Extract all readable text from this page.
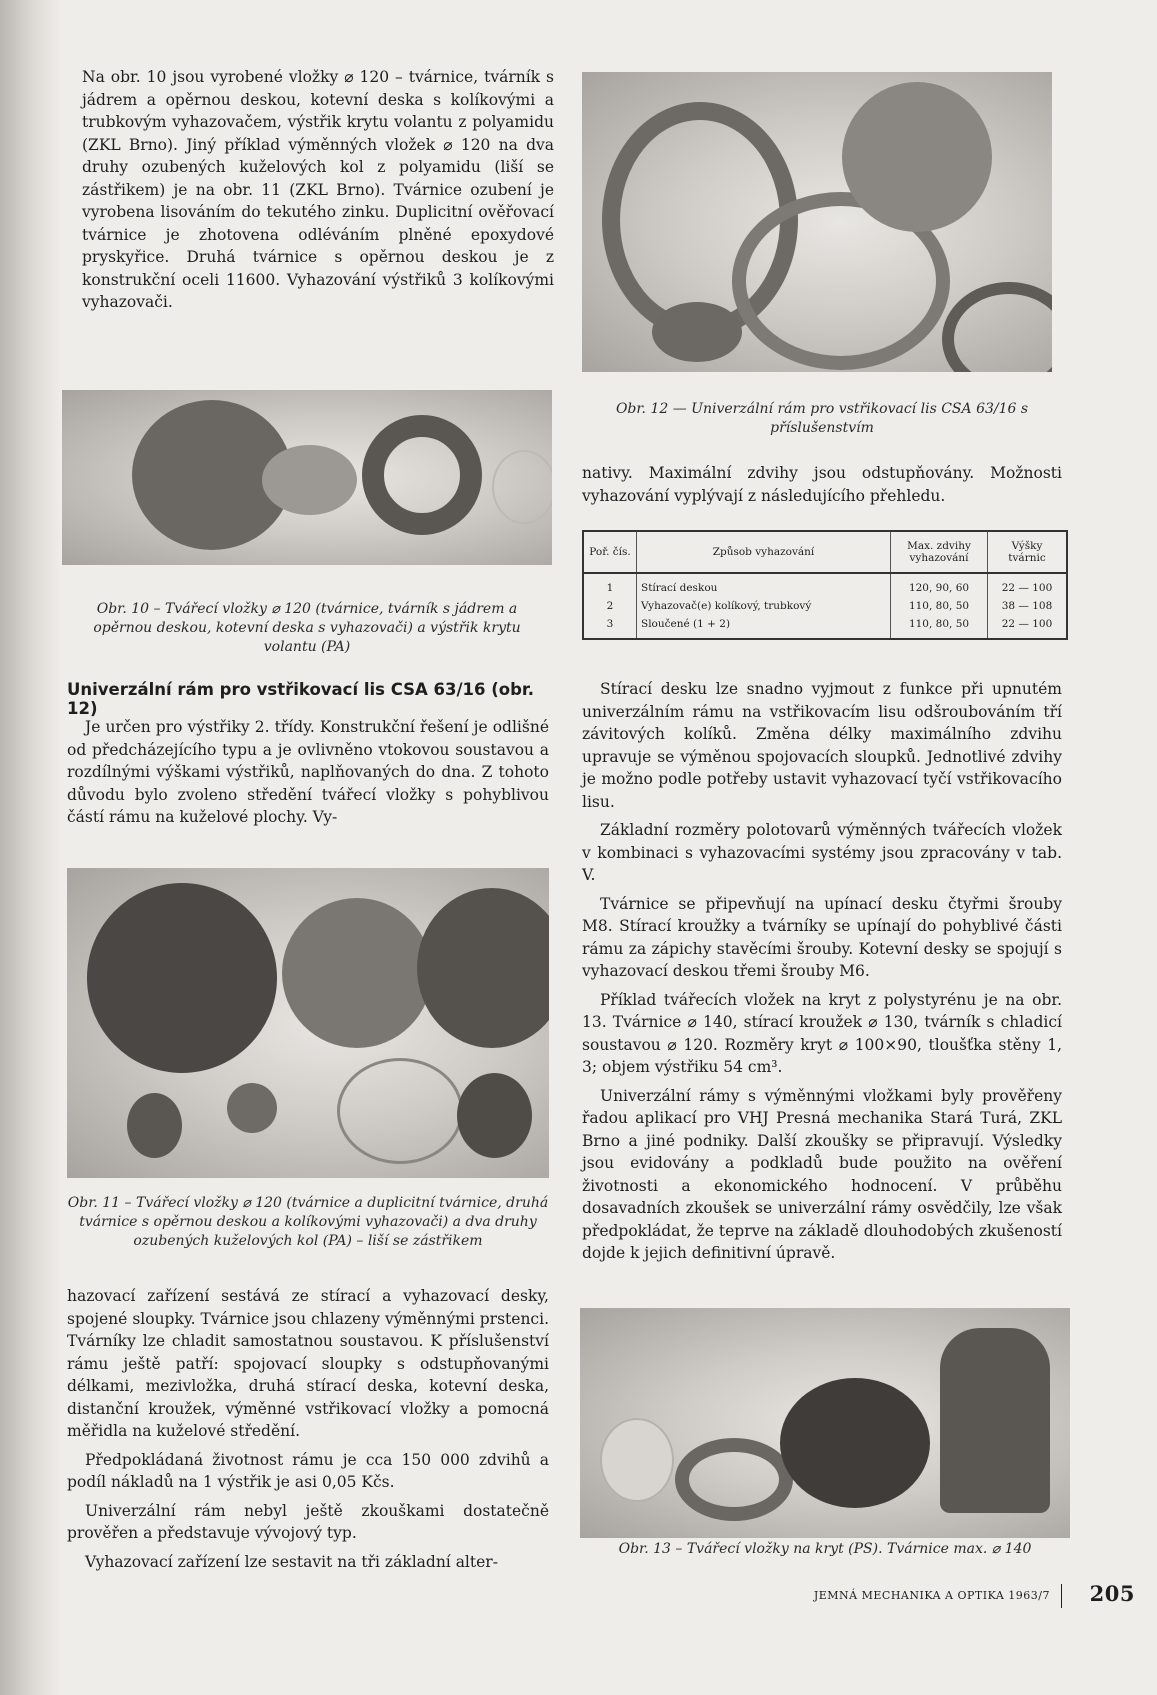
Na obr. 10 jsou vyrobené vložky ⌀ 120 – tvárnice, tvárník s jádrem a opěrnou deskou, kotevní deska s kolíkovými a trubkovým vyhazovačem, výstřik krytu volantu z polyamidu (ZKL Brno). Jiný příklad výměnných vložek ⌀ 120 na dva druhy ozubených kuželových kol z polyamidu (liší se zástřikem) je na obr. 11 (ZKL Brno). Tvárnice ozubení je vyrobena lisováním do tekutého zinku. Duplicitní ověřovací tvárnice je zhotovena odléváním plněné epoxydové pryskyřice. Druhá tvárnice s opěrnou deskou je z konstrukční oceli 11600. Vyhazování výstřiků 3 kolíkovými vyhazovači.

Obr. 12 — Univerzální rám pro vstřikovací lis CSA 63/16 s příslušenstvím
Obr. 10 – Tvářecí vložky ⌀ 120 (tvárnice, tvárník s jádrem a opěrnou deskou, kotevní deska s vyhazovači) a výstřik krytu volantu (PA)

nativy. Maximální zdvihy jsou odstupňovány. Možnosti vyhazování vyplývají z následujícího přehledu.

Poř. čís.	Způsob vyhazování	Max. zdvihy vyhazování	Výšky tvárnic
1	Stírací deskou	120, 90, 60	22 — 100
2	Vyhazovač(e) kolíkový, trubkový	110, 80, 50	38 — 108
3	Sloučené (1 + 2)	110, 80, 50	22 — 100
Univerzální rám pro vstřikovací lis CSA 63/16 (obr. 12)

Je určen pro výstřiky 2. třídy. Konstrukční řešení je odlišné od předcházejícího typu a je ovlivněno vtokovou soustavou a rozdílnými výškami výstřiků, naplňovaných do dna. Z tohoto důvodu bylo zvoleno středění tvářecí vložky s pohyblivou částí rámu na kuželové plochy. Vy-

Obr. 11 – Tvářecí vložky ⌀ 120 (tvárnice a duplicitní tvárnice, druhá tvárnice s opěrnou deskou a kolíkovými vyhazovači) a dva druhy ozubených kuželových kol (PA) – liší se zástřikem

hazovací zařízení sestává ze stírací a vyhazovací desky, spojené sloupky. Tvárnice jsou chlazeny výměnnými prstenci. Tvárníky lze chladit samostatnou soustavou. K příslušenství rámu ještě patří: spojovací sloupky s odstupňovanými délkami, mezivložka, druhá stírací deska, kotevní deska, distanční kroužek, výměnné vstřikovací vložky a pomocná měřidla na kuželové středění.

Předpokládaná životnost rámu je cca 150 000 zdvihů a podíl nákladů na 1 výstřik je asi 0,05 Kčs.

Univerzální rám nebyl ještě zkouškami dostatečně prověřen a představuje vývojový typ.

Vyhazovací zařízení lze sestavit na tři základní alter-

Stírací desku lze snadno vyjmout z funkce při upnutém univerzálním rámu na vstřikovacím lisu odšroubováním tří závitových kolíků. Změna délky maximálního zdvihu upravuje se výměnou spojovacích sloupků. Jednotlivé zdvihy je možno podle potřeby ustavit vyhazovací tyčí vstřikovacího lisu.

Základní rozměry polotovarů výměnných tvářecích vložek v kombinaci s vyhazovacími systémy jsou zpracovány v tab. V.

Tvárnice se připevňují na upínací desku čtyřmi šrouby M8. Stírací kroužky a tvárníky se upínají do pohyblivé části rámu za zápichy stavěcími šrouby. Kotevní desky se spojují s vyhazovací deskou třemi šrouby M6.

Příklad tvářecích vložek na kryt z polystyrénu je na obr. 13. Tvárnice ⌀ 140, stírací kroužek ⌀ 130, tvárník s chladicí soustavou ⌀ 120. Rozměry kryt ⌀ 100×90, tloušťka stěny 1, 3; objem výstřiku 54 cm³.

Univerzální rámy s výměnnými vložkami byly prověřeny řadou aplikací pro VHJ Presná mechanika Stará Turá, ZKL Brno a jiné podniky. Další zkoušky se připravují. Výsledky jsou evidovány a podkladů bude použito na ověření životnosti a ekonomického hodnocení. V průběhu dosavadních zkoušek se univerzální rámy osvědčily, lze však předpokládat, že teprve na základě dlouhodobých zkušeností dojde k jejich definitivní úpravě.

Obr. 13 – Tvářecí vložky na kryt (PS). Tvárnice max. ⌀ 140
JEMNÁ MECHANIKA A OPTIKA 1963/7 205
